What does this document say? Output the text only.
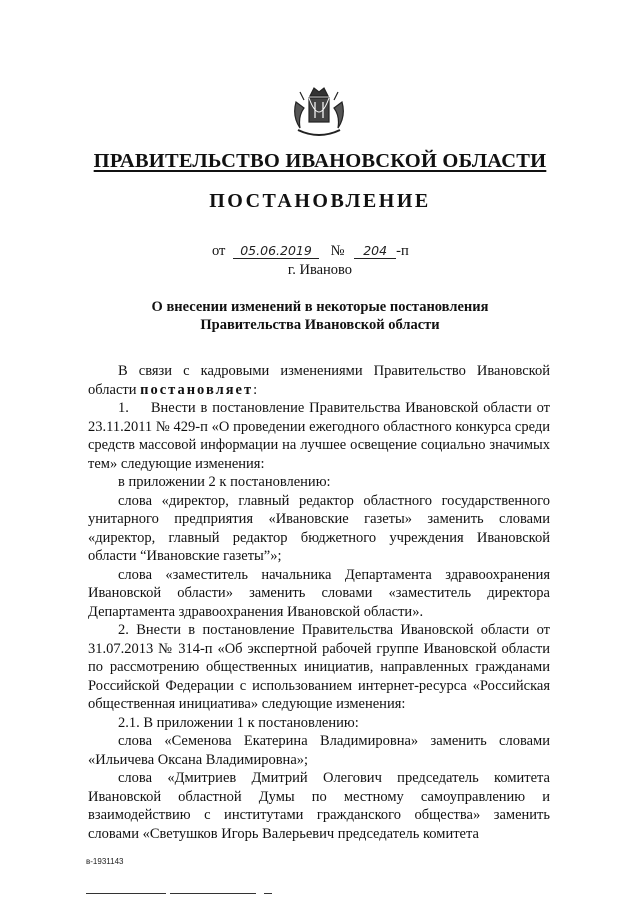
ПРАВИТЕЛЬСТВО ИВАНОВСКОЙ ОБЛАСТИ
ПОСТАНОВЛЕНИЕ
от 05.06.2019 № 204 -п
г. Иваново
О внесении изменений в некоторые постановления
Правительства Ивановской области

В связи с кадровыми изменениями Правительство Ивановской области постановляет:

1. Внести в постановление Правительства Ивановской области от 23.11.2011 № 429-п «О проведении ежегодного областного конкурса среди средств массовой информации на лучшее освещение социально значимых тем» следующие изменения:

в приложении 2 к постановлению:

слова «директор, главный редактор областного государственного унитарного предприятия «Ивановские газеты» заменить словами «директор, главный редактор бюджетного учреждения Ивановской области “Ивановские газеты”»;

слова «заместитель начальника Департамента здравоохранения Ивановской области» заменить словами «заместитель директора Департамента здравоохранения Ивановской области».

2. Внести в постановление Правительства Ивановской области от 31.07.2013 № 314-п «Об экспертной рабочей группе Ивановской области по рассмотрению общественных инициатив, направленных гражданами Российской Федерации с использованием интернет-ресурса «Российская общественная инициатива» следующие изменения:

2.1. В приложении 1 к постановлению:

слова «Семенова Екатерина Владимировна» заменить словами «Ильичева Оксана Владимировна»;

слова «Дмитриев Дмитрий Олегович председатель комитета Ивановской областной Думы по местному самоуправлению и взаимодействию с институтами гражданского общества» заменить словами «Светушков Игорь Валерьевич председатель комитета

в-1931143
